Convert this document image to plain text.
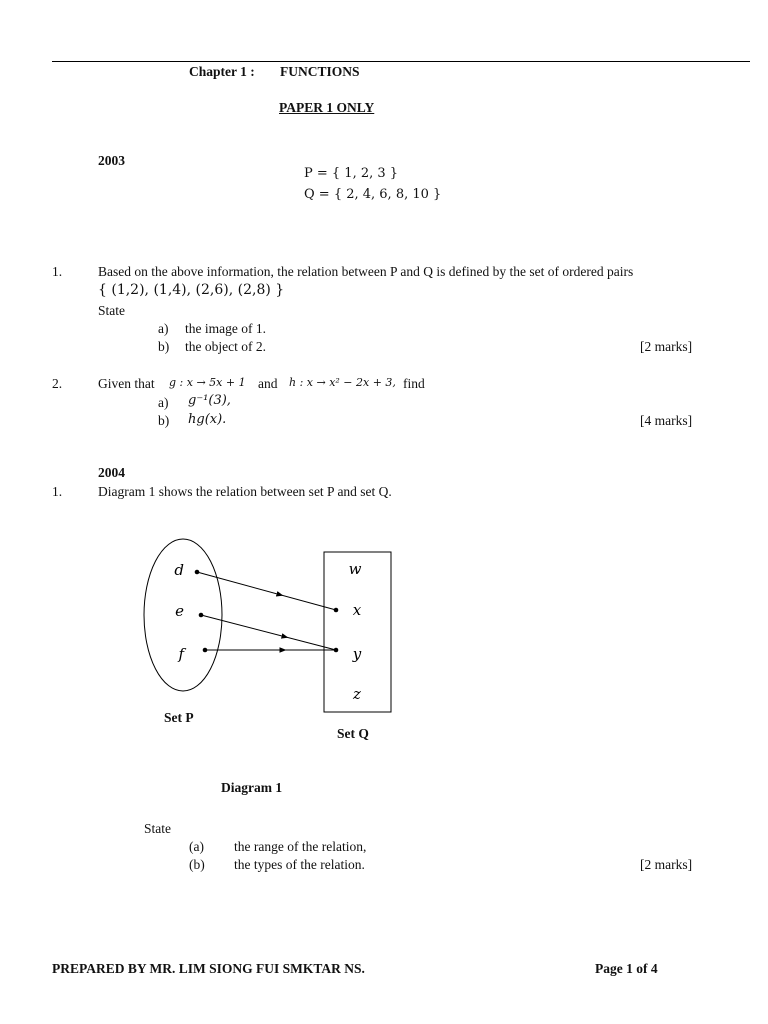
Chapter 1 : FUNCTIONS
PAPER 1 ONLY
2003
P = { 1, 2, 3 }
Q = { 2, 4, 6, 8, 10 }
1.	Based on the above information, the relation between P and Q is defined by the set of ordered pairs
{ (1,2), (1,4), (2,6), (2,8) }
State
a) the image of 1.
b) the object of 2.	[2 marks]
2.	Given that g : x → 5x + 1 and h : x → x² − 2x + 3, find
a) g⁻¹(3),
b) hg(x).	[4 marks]
2004
1.	Diagram 1 shows the relation between set P and set Q.
d
e
f
w
x
y
z
Set P
Set Q
Diagram 1
State
(a) the range of the relation,
(b) the types of the relation.	[2 marks]
PREPARED BY MR. LIM SIONG FUI SMKTAR NS.	Page 1 of 4
